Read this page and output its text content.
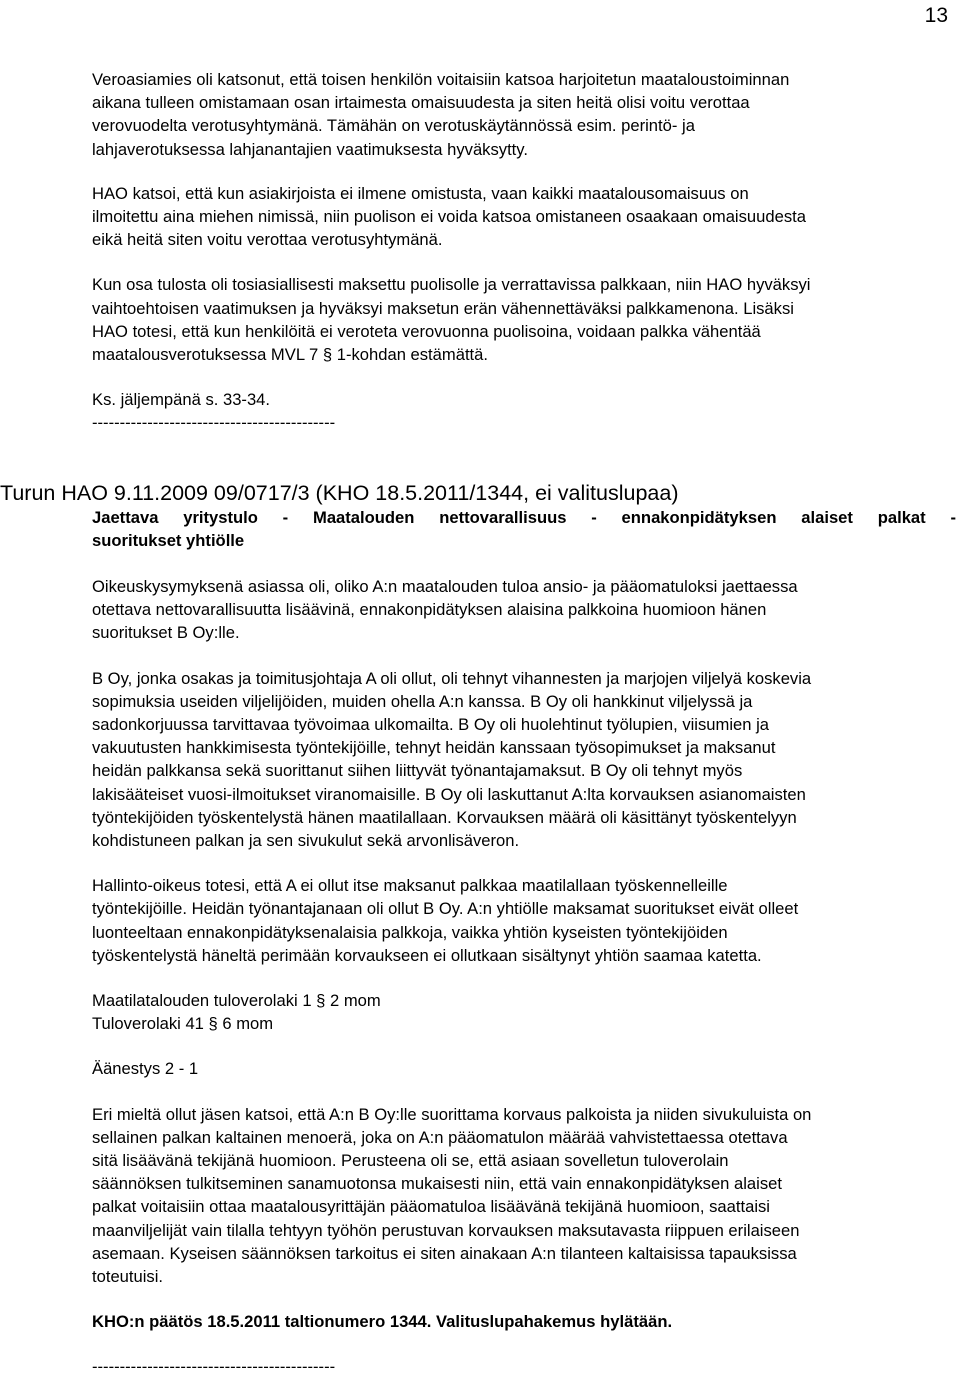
13

Veroasiamies oli katsonut, että toisen henkilön voitaisiin katsoa harjoitetun maataloustoiminnan
aikana tulleen omistamaan osan irtaimesta omaisuudesta ja siten heitä olisi voitu verottaa
verovuodelta verotusyhtymänä. Tämähän on verotuskäytännössä esim. perintö- ja
lahjaverotuksessa lahjanantajien vaatimuksesta hyväksytty.

HAO katsoi, että kun asiakirjoista ei ilmene omistusta, vaan kaikki maatalousomaisuus on
ilmoitettu aina miehen nimissä, niin puolison ei voida katsoa omistaneen osaakaan omaisuudesta
eikä heitä siten voitu verottaa verotusyhtymänä.

Kun osa tulosta oli tosiasiallisesti maksettu puolisolle ja verrattavissa palkkaan, niin HAO hyväksyi
vaihtoehtoisen vaatimuksen ja hyväksyi maksetun erän vähennettäväksi palkkamenona. Lisäksi
HAO totesi, että kun henkilöitä ei veroteta verovuonna puolisoina, voidaan palkka vähentää
maatalousverotuksessa MVL 7 § 1-kohdan estämättä.

Ks. jäljempänä s. 33-34.
--------------------------------------------

Turun HAO 9.11.2009 09/0717/3 (KHO 18.5.2011/1344, ei valituslupaa)
Jaettava yritystulo - Maatalouden nettovarallisuus - ennakonpidätyksen alaiset palkat -
suoritukset yhtiölle

Oikeuskysymyksenä asiassa oli, oliko A:n maatalouden tuloa ansio- ja pääomatuloksi jaettaessa
otettava nettovarallisuutta lisäävinä, ennakonpidätyksen alaisina palkkoina huomioon hänen
suoritukset B Oy:lle.

B Oy, jonka osakas ja toimitusjohtaja A oli ollut, oli tehnyt vihannesten ja marjojen viljelyä koskevia
sopimuksia useiden viljelijöiden, muiden ohella A:n kanssa. B Oy oli hankkinut viljelyssä ja
sadonkorjuussa tarvittavaa työvoimaa ulkomailta. B Oy oli huolehtinut työlupien, viisumien ja
vakuutusten hankkimisesta työntekijöille, tehnyt heidän kanssaan työsopimukset ja maksanut
heidän palkkansa sekä suorittanut siihen liittyvät työnantajamaksut. B Oy oli tehnyt myös
lakisääteiset vuosi-ilmoitukset viranomaisille. B Oy oli laskuttanut A:lta korvauksen asianomaisten
työntekijöiden työskentelystä hänen maatilallaan. Korvauksen määrä oli käsittänyt työskentelyyn
kohdistuneen palkan ja sen sivukulut sekä arvonlisäveron.

Hallinto-oikeus totesi, että A ei ollut itse maksanut palkkaa maatilallaan työskennelleille
työntekijöille. Heidän työnantajanaan oli ollut B Oy. A:n yhtiölle maksamat suoritukset eivät olleet
luonteeltaan ennakonpidätyksenalaisia palkkoja, vaikka yhtiön kyseisten työntekijöiden
työskentelystä häneltä perimään korvaukseen ei ollutkaan sisältynyt yhtiön saamaa katetta.

Maatilatalouden tuloverolaki 1 § 2 mom
Tuloverolaki 41 § 6 mom

Äänestys 2 - 1

Eri mieltä ollut jäsen katsoi, että A:n B Oy:lle suorittama korvaus palkoista ja niiden sivukuluista on
sellainen palkan kaltainen menoerä, joka on A:n pääomatulon määrää vahvistettaessa otettava
sitä lisäävänä tekijänä huomioon. Perusteena oli se, että asiaan sovelletun tuloverolain
säännöksen tulkitseminen sanamuotonsa mukaisesti niin, että vain ennakonpidätyksen alaiset
palkat voitaisiin ottaa maatalousyrittäjän pääomatuloa lisäävänä tekijänä huomioon, saattaisi
maanviljelijät vain tilalla tehtyyn työhön perustuvan korvauksen maksutavasta riippuen erilaiseen
asemaan. Kyseisen säännöksen tarkoitus ei siten ainakaan A:n tilanteen kaltaisissa tapauksissa
toteutuisi.

KHO:n päätös 18.5.2011 taltionumero 1344. Valituslupahakemus hylätään.

--------------------------------------------
